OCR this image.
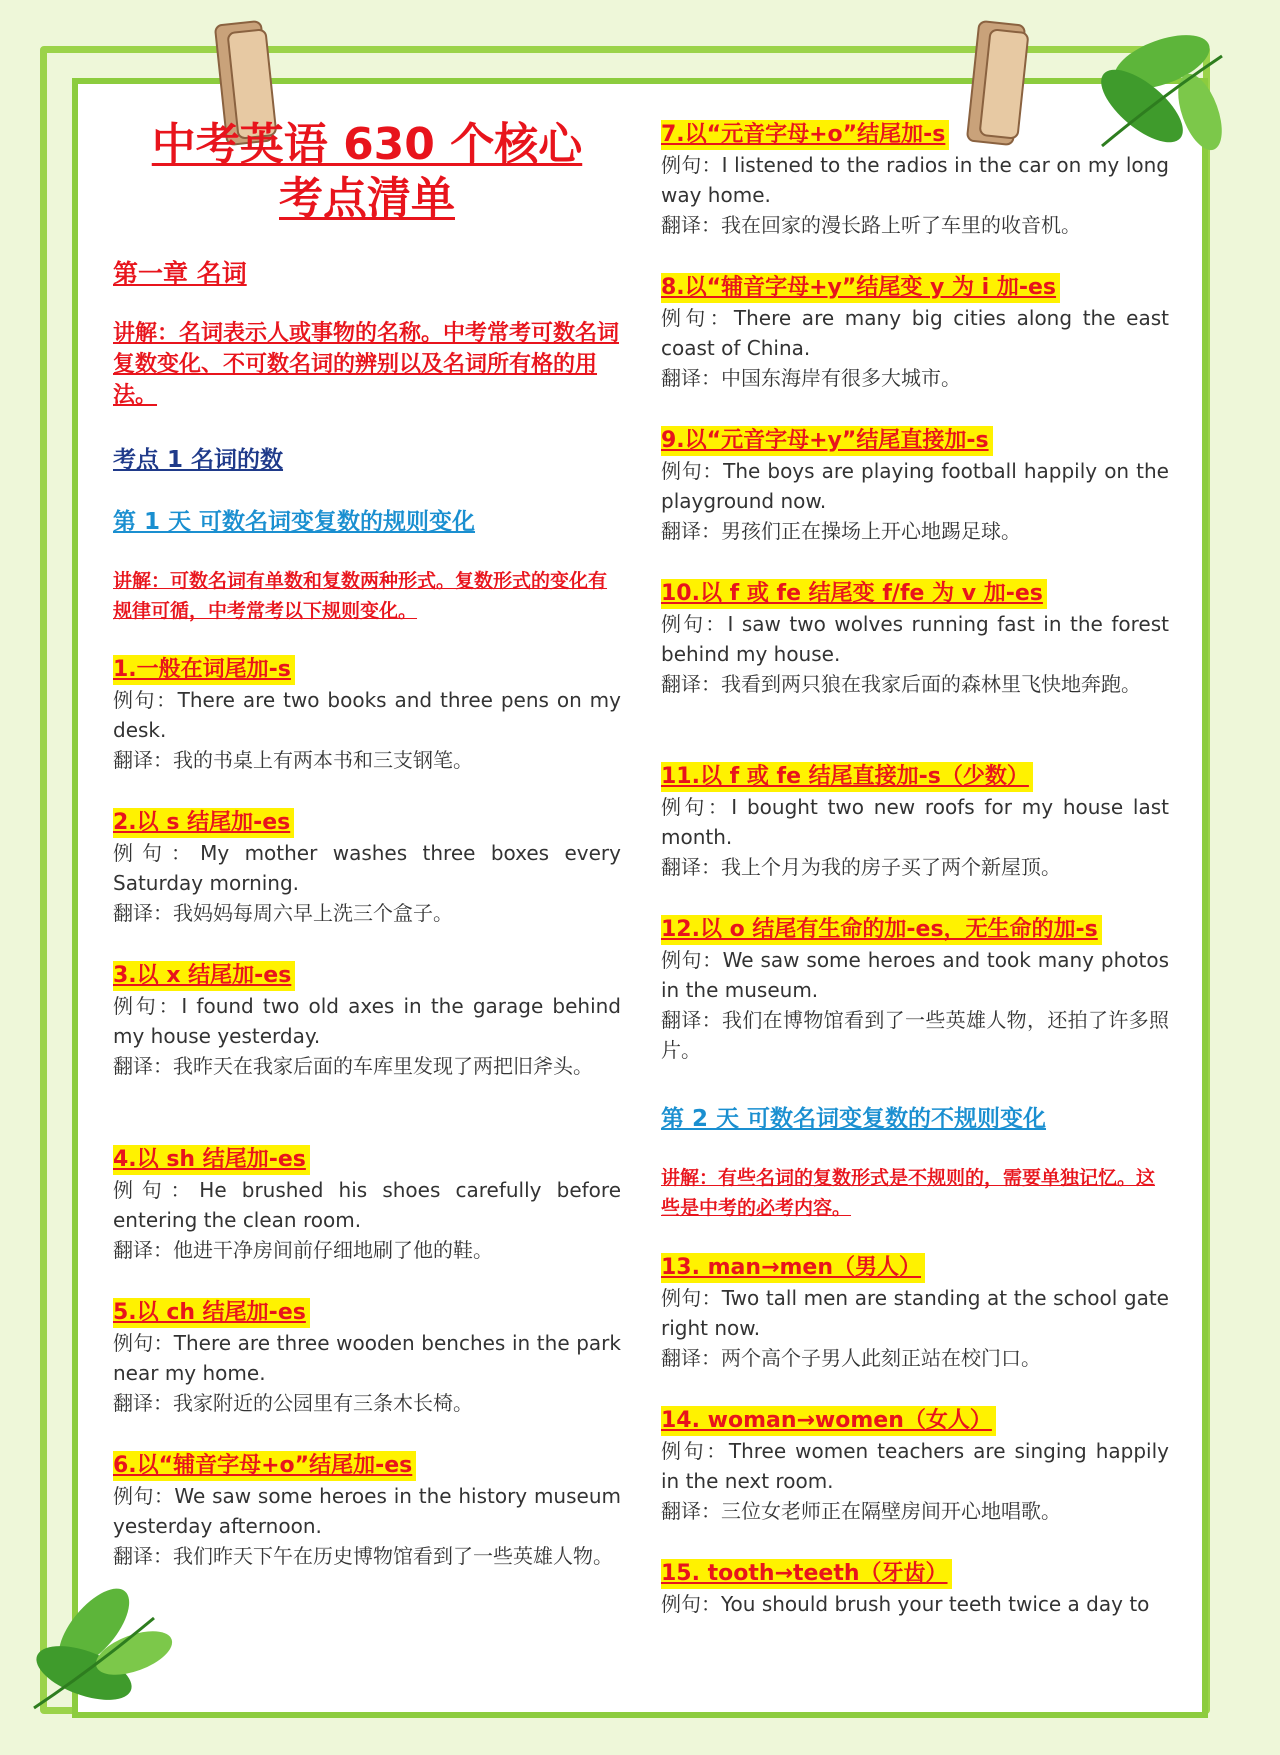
中考英语 630 个核心
考点清单
第一章 名词
讲解：名词表示人或事物的名称。中考常考可数名词复数变化、不可数名词的辨别以及名词所有格的用法。
考点 1 名词的数
第 1 天 可数名词变复数的规则变化
讲解：可数名词有单数和复数两种形式。复数形式的变化有规律可循，中考常考以下规则变化。
1.一般在词尾加-s
例句：There are two books and three pens on my desk.
翻译：我的书桌上有两本书和三支钢笔。
2.以 s 结尾加-es
例句：My mother washes three boxes every Saturday morning.
翻译：我妈妈每周六早上洗三个盒子。
3.以 x 结尾加-es
例句：I found two old axes in the garage behind my house yesterday.
翻译：我昨天在我家后面的车库里发现了两把旧斧头。
4.以 sh 结尾加-es
例句：He brushed his shoes carefully before entering the clean room.
翻译：他进干净房间前仔细地刷了他的鞋。
5.以 ch 结尾加-es
例句：There are three wooden benches in the park near my home.
翻译：我家附近的公园里有三条木长椅。
6.以“辅音字母+o”结尾加-es
例句：We saw some heroes in the history museum yesterday afternoon.
翻译：我们昨天下午在历史博物馆看到了一些英雄人物。
7.以“元音字母+o”结尾加-s
例句：I listened to the radios in the car on my long way home.
翻译：我在回家的漫长路上听了车里的收音机。
8.以“辅音字母+y”结尾变 y 为 i 加-es
例句：There are many big cities along the east coast of China.
翻译：中国东海岸有很多大城市。
9.以“元音字母+y”结尾直接加-s
例句：The boys are playing football happily on the playground now.
翻译：男孩们正在操场上开心地踢足球。
10.以 f 或 fe 结尾变 f/fe 为 v 加-es
例句：I saw two wolves running fast in the forest behind my house.
翻译：我看到两只狼在我家后面的森林里飞快地奔跑。
11.以 f 或 fe 结尾直接加-s（少数）
例句：I bought two new roofs for my house last month.
翻译：我上个月为我的房子买了两个新屋顶。
12.以 o 结尾有生命的加-es，无生命的加-s
例句：We saw some heroes and took many photos in the museum.
翻译：我们在博物馆看到了一些英雄人物，还拍了许多照片。
第 2 天 可数名词变复数的不规则变化
讲解：有些名词的复数形式是不规则的，需要单独记忆。这些是中考的必考内容。
13. man→men（男人）
例句：Two tall men are standing at the school gate right now.
翻译：两个高个子男人此刻正站在校门口。
14. woman→women（女人）
例句：Three women teachers are singing happily in the next room.
翻译：三位女老师正在隔壁房间开心地唱歌。
15. tooth→teeth（牙齿）
例句：You should brush your teeth twice a day to
